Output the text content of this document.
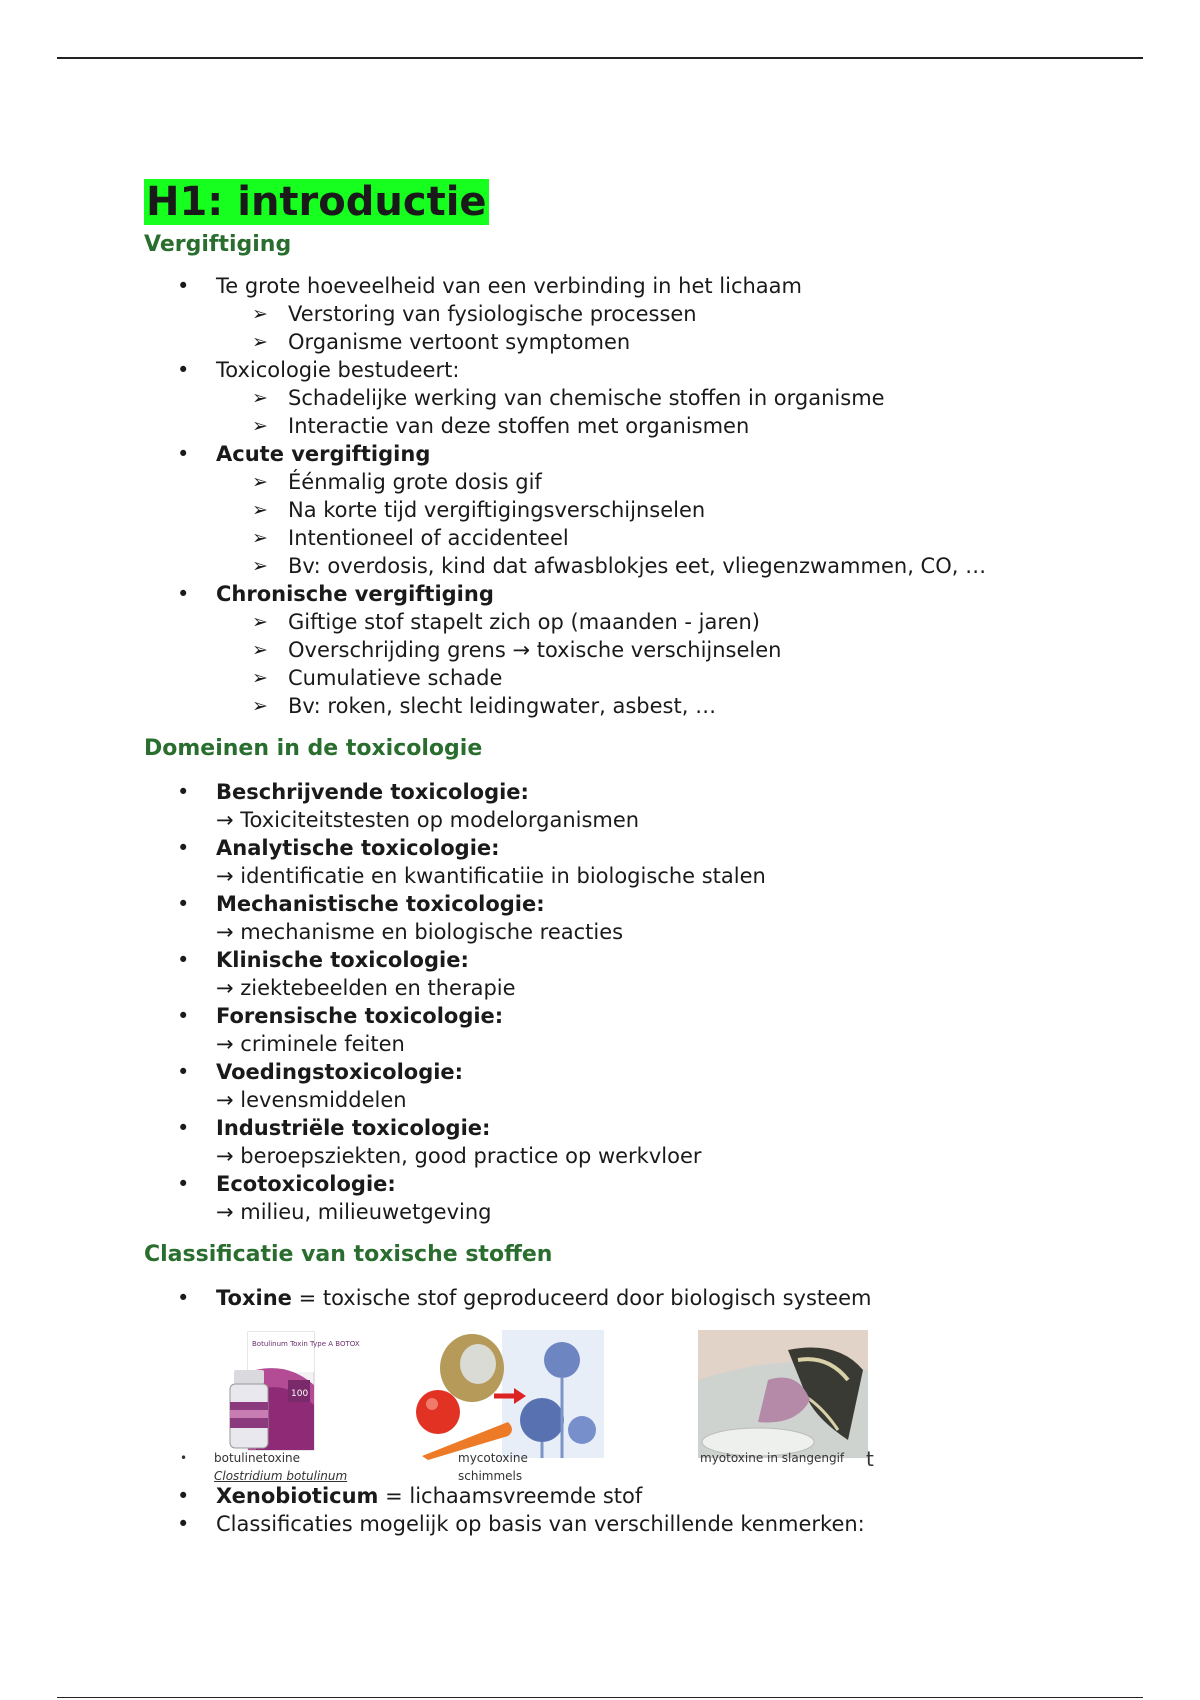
H1: introductie
Vergiftiging
• Te grote hoeveelheid van een verbinding in het lichaam
➢ Verstoring van fysiologische processen
➢ Organisme vertoont symptomen
• Toxicologie bestudeert:
➢ Schadelijke werking van chemische stoffen in organisme
➢ Interactie van deze stoffen met organismen
• Acute vergiftiging
➢ Éénmalig grote dosis gif
➢ Na korte tijd vergiftigingsverschijnselen
➢ Intentioneel of accidenteel
➢ Bv: overdosis, kind dat afwasblokjes eet, vliegenzwammen, CO, …
• Chronische vergiftiging
➢ Giftige stof stapelt zich op (maanden - jaren)
➢ Overschrijding grens → toxische verschijnselen
➢ Cumulatieve schade
➢ Bv: roken, slecht leidingwater, asbest, …
Domeinen in de toxicologie
• Beschrijvende toxicologie:
→ Toxiciteitstesten op modelorganismen
• Analytische toxicologie:
→ identificatie en kwantificatiie in biologische stalen
• Mechanistische toxicologie:
→ mechanisme en biologische reacties
• Klinische toxicologie:
→ ziektebeelden en therapie
• Forensische toxicologie:
→ criminele feiten
• Voedingstoxicologie:
→ levensmiddelen
• Industriële toxicologie:
→ beroepsziekten, good practice op werkvloer
• Ecotoxicologie:
→ milieu, milieuwetgeving
Classificatie van toxische stoffen
• Toxine = toxische stof geproduceerd door biologisch systeem
Botulinum Toxin Type A BOTOX
100
• botulinetoxine
Clostridium botulinum
mycotoxine
schimmels
myotoxine in slangengif t
• Xenobioticum = lichaamsvreemde stof
• Classificaties mogelijk op basis van verschillende kenmerken:
